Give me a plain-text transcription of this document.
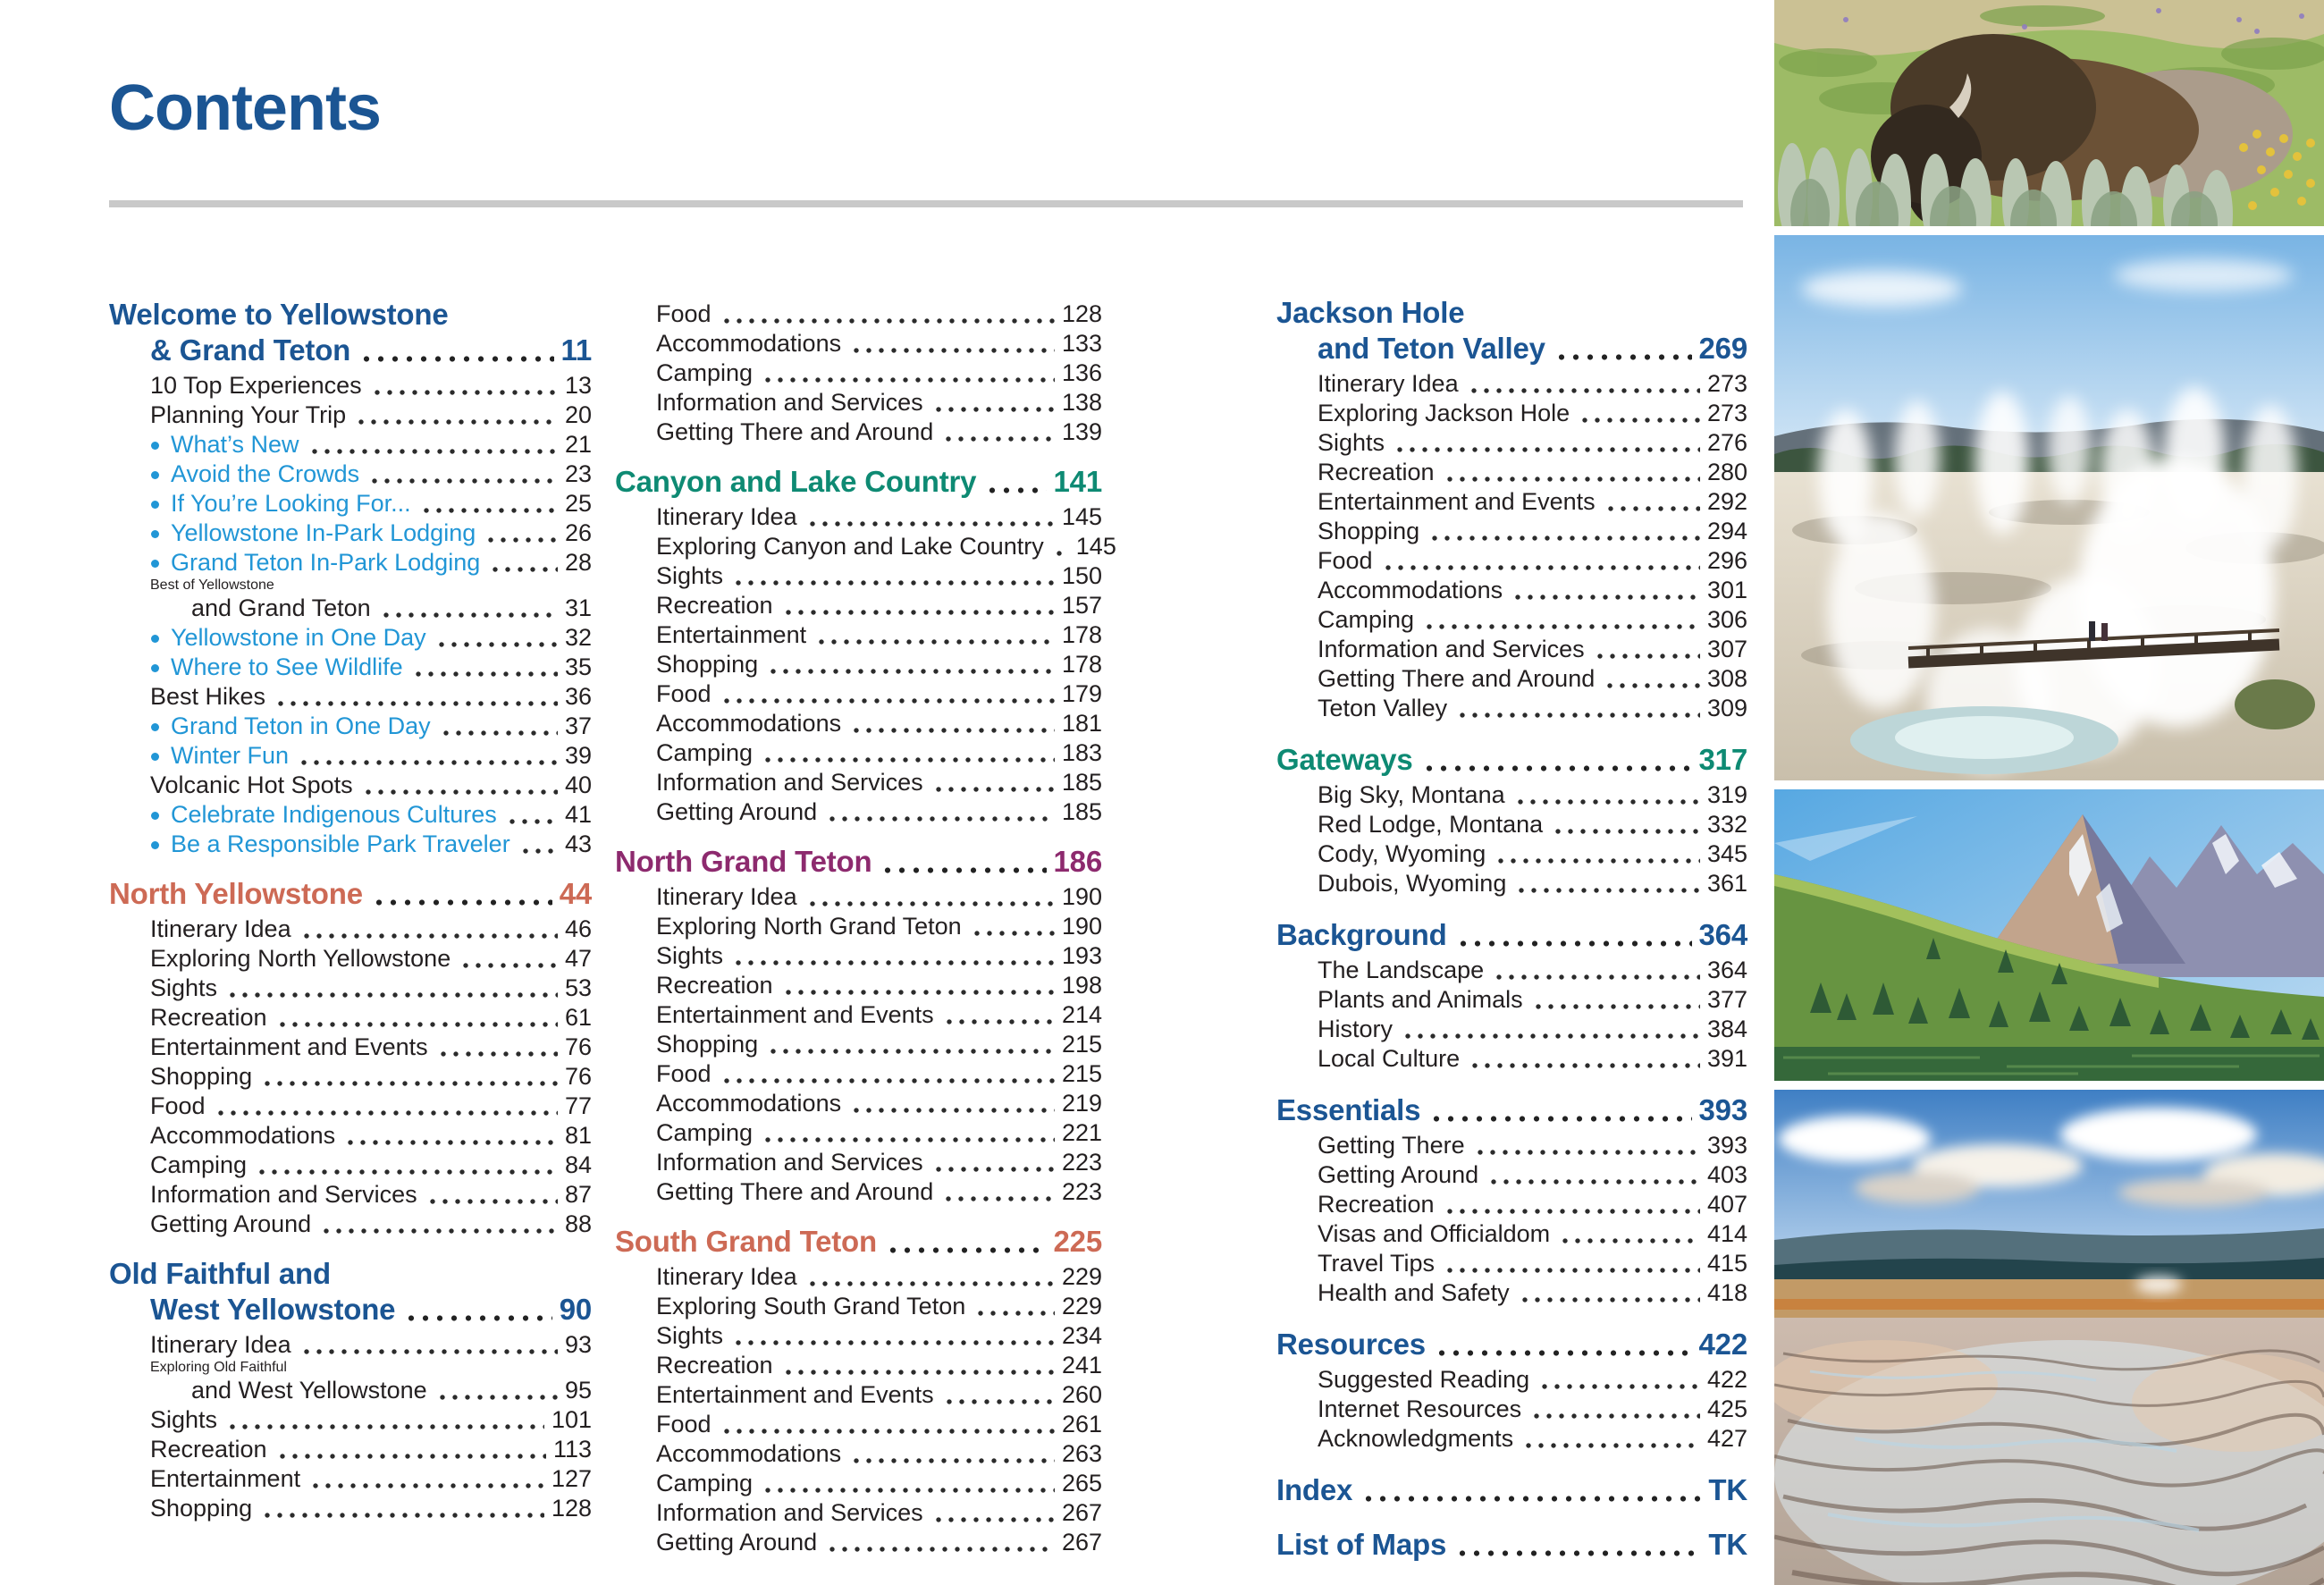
Contents
Welcome to Yellowstone
& Grand Teton	11
10 Top Experiences	13
Planning Your Trip	20
What’s New	21
Avoid the Crowds	23
If You’re Looking For...	25
Yellowstone In-Park Lodging	26
Grand Teton In-Park Lodging	28
Best of Yellowstone
and Grand Teton	31
Yellowstone in One Day	32
Where to See Wildlife	35
Best Hikes	36
Grand Teton in One Day	37
Winter Fun	39
Volcanic Hot Spots	40
Celebrate Indigenous Cultures	41
Be a Responsible Park Traveler 43
North Yellowstone	44
Itinerary Idea	46
Exploring North Yellowstone	47
Sights	53
Recreation	61
Entertainment and Events	76
Shopping	76
Food	77
Accommodations	81
Camping	84
Information and Services	87
Getting Around	88
Old Faithful and
West Yellowstone	90
Itinerary Idea	93
Exploring Old Faithful
and West Yellowstone	95
Sights	101
Recreation	113
Entertainment	127
Shopping	128
Food	128
Accommodations	133
Camping	136
Information and Services	138
Getting There and Around	139
Canyon and Lake Country	141
Itinerary Idea	145
Exploring Canyon and Lake Country 145
Sights	150
Recreation	157
Entertainment	178
Shopping	178
Food	179
Accommodations	181
Camping	183
Information and Services	185
Getting Around	185
North Grand Teton	186
Itinerary Idea	190
Exploring North Grand Teton	190
Sights	193
Recreation	198
Entertainment and Events	214
Shopping	215
Food	215
Accommodations	219
Camping	221
Information and Services	223
Getting There and Around	223
South Grand Teton	225
Itinerary Idea	229
Exploring South Grand Teton	229
Sights	234
Recreation	241
Entertainment and Events	260
Food	261
Accommodations	263
Camping	265
Information and Services	267
Getting Around	267
Jackson Hole
and Teton Valley	269
Itinerary Idea	273
Exploring Jackson Hole	273
Sights	276
Recreation	280
Entertainment and Events	292
Shopping	294
Food	296
Accommodations	301
Camping	306
Information and Services	307
Getting There and Around	308
Teton Valley	309
Gateways	317
Big Sky, Montana	319
Red Lodge, Montana	332
Cody, Wyoming	345
Dubois, Wyoming	361
Background	364
The Landscape	364
Plants and Animals	377
History	384
Local Culture	391
Essentials	393
Getting There	393
Getting Around	403
Recreation	407
Visas and Officialdom	414
Travel Tips	415
Health and Safety	418
Resources	422
Suggested Reading	422
Internet Resources	425
Acknowledgments	427
Index	TK
List of Maps	TK
